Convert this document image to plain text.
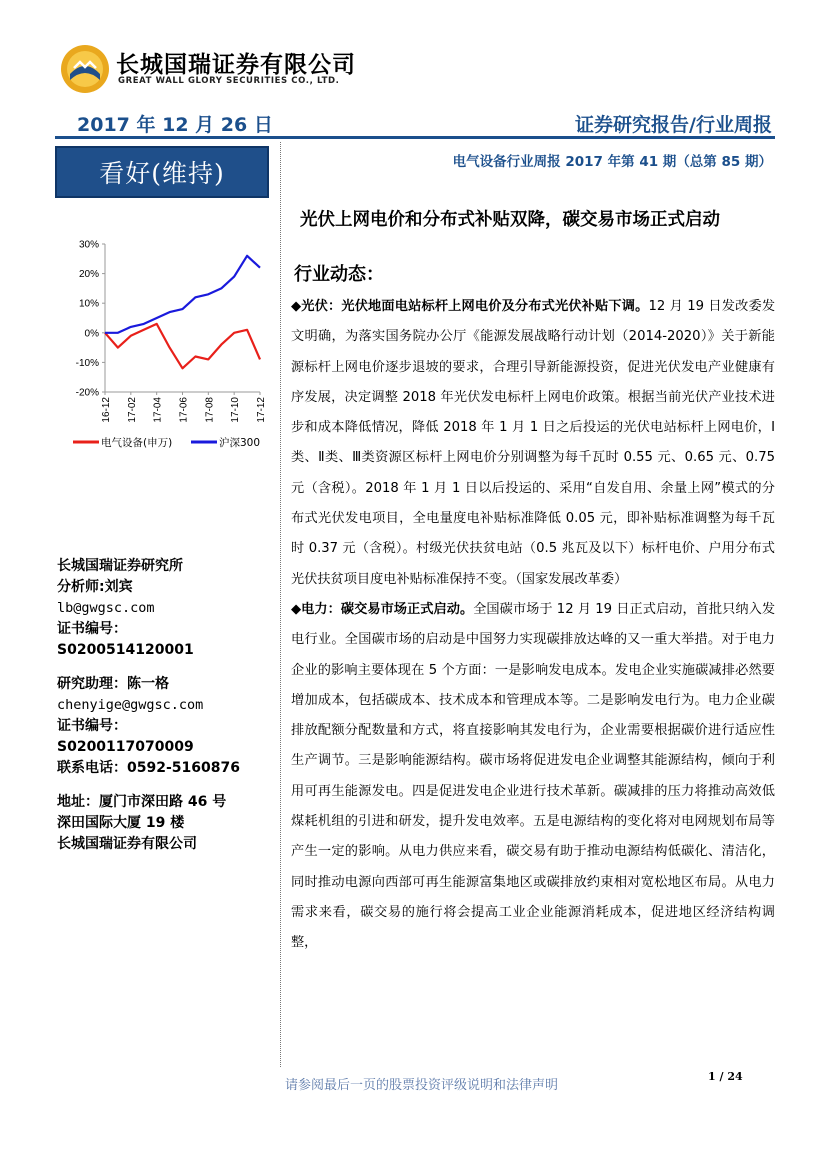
长城国瑞证券有限公司
GREAT WALL GLORY SECURITIES CO., LTD.
2017 年 12 月 26 日	证券研究报告/行业周报
看好(维持)	电气设备行业周报 2017 年第 41 期（总第 85 期）
光伏上网电价和分布式补贴双降，碳交易市场正式启动
行业动态：
30%
20%
10%
0%
-10%
-20%
16-12 17-02 17-04 17-06 17-08 17-10 17-12
电气设备(申万)	沪深300
长城国瑞证券研究所
分析师:刘宾
lb@gwgsc.com
证书编号：
S0200514120001
研究助理：陈一格
chenyige@gwgsc.com
证书编号：
S0200117070009
联系电话：0592-5160876
地址：厦门市深田路 46 号
深田国际大厦 19 楼
长城国瑞证券有限公司

◆光伏：光伏地面电站标杆上网电价及分布式光伏补贴下调。12 月 19 日发改委发文明确，为落实国务院办公厅《能源发展战略行动计划（2014-2020）》关于新能源标杆上网电价逐步退坡的要求，合理引导新能源投资，促进光伏发电产业健康有序发展，决定调整 2018 年光伏发电标杆上网电价政策。根据当前光伏产业技术进步和成本降低情况，降低 2018 年 1 月 1 日之后投运的光伏电站标杆上网电价，Ⅰ类、Ⅱ类、Ⅲ类资源区标杆上网电价分别调整为每千瓦时 0.55 元、0.65 元、0.75 元（含税）。2018 年 1 月 1 日以后投运的、采用“自发自用、余量上网”模式的分布式光伏发电项目，全电量度电补贴标准降低 0.05 元，即补贴标准调整为每千瓦时 0.37 元（含税）。村级光伏扶贫电站（0.5 兆瓦及以下）标杆电价、户用分布式光伏扶贫项目度电补贴标准保持不变。（国家发展改革委）

◆电力：碳交易市场正式启动。全国碳市场于 12 月 19 日正式启动，首批只纳入发电行业。全国碳市场的启动是中国努力实现碳排放达峰的又一重大举措。对于电力企业的影响主要体现在 5 个方面：一是影响发电成本。发电企业实施碳减排必然要增加成本，包括碳成本、技术成本和管理成本等。二是影响发电行为。电力企业碳排放配额分配数量和方式，将直接影响其发电行为，企业需要根据碳价进行适应性生产调节。三是影响能源结构。碳市场将促进发电企业调整其能源结构，倾向于利用可再生能源发电。四是促进发电企业进行技术革新。碳减排的压力将推动高效低煤耗机组的引进和研发，提升发电效率。五是电源结构的变化将对电网规划布局等产生一定的影响。从电力供应来看，碳交易有助于推动电源结构低碳化、清洁化，同时推动电源向西部可再生能源富集地区或碳排放约束相对宽松地区布局。从电力需求来看，碳交易的施行将会提高工业企业能源消耗成本，促进地区经济结构调整，

请参阅最后一页的股票投资评级说明和法律声明
1 / 24
